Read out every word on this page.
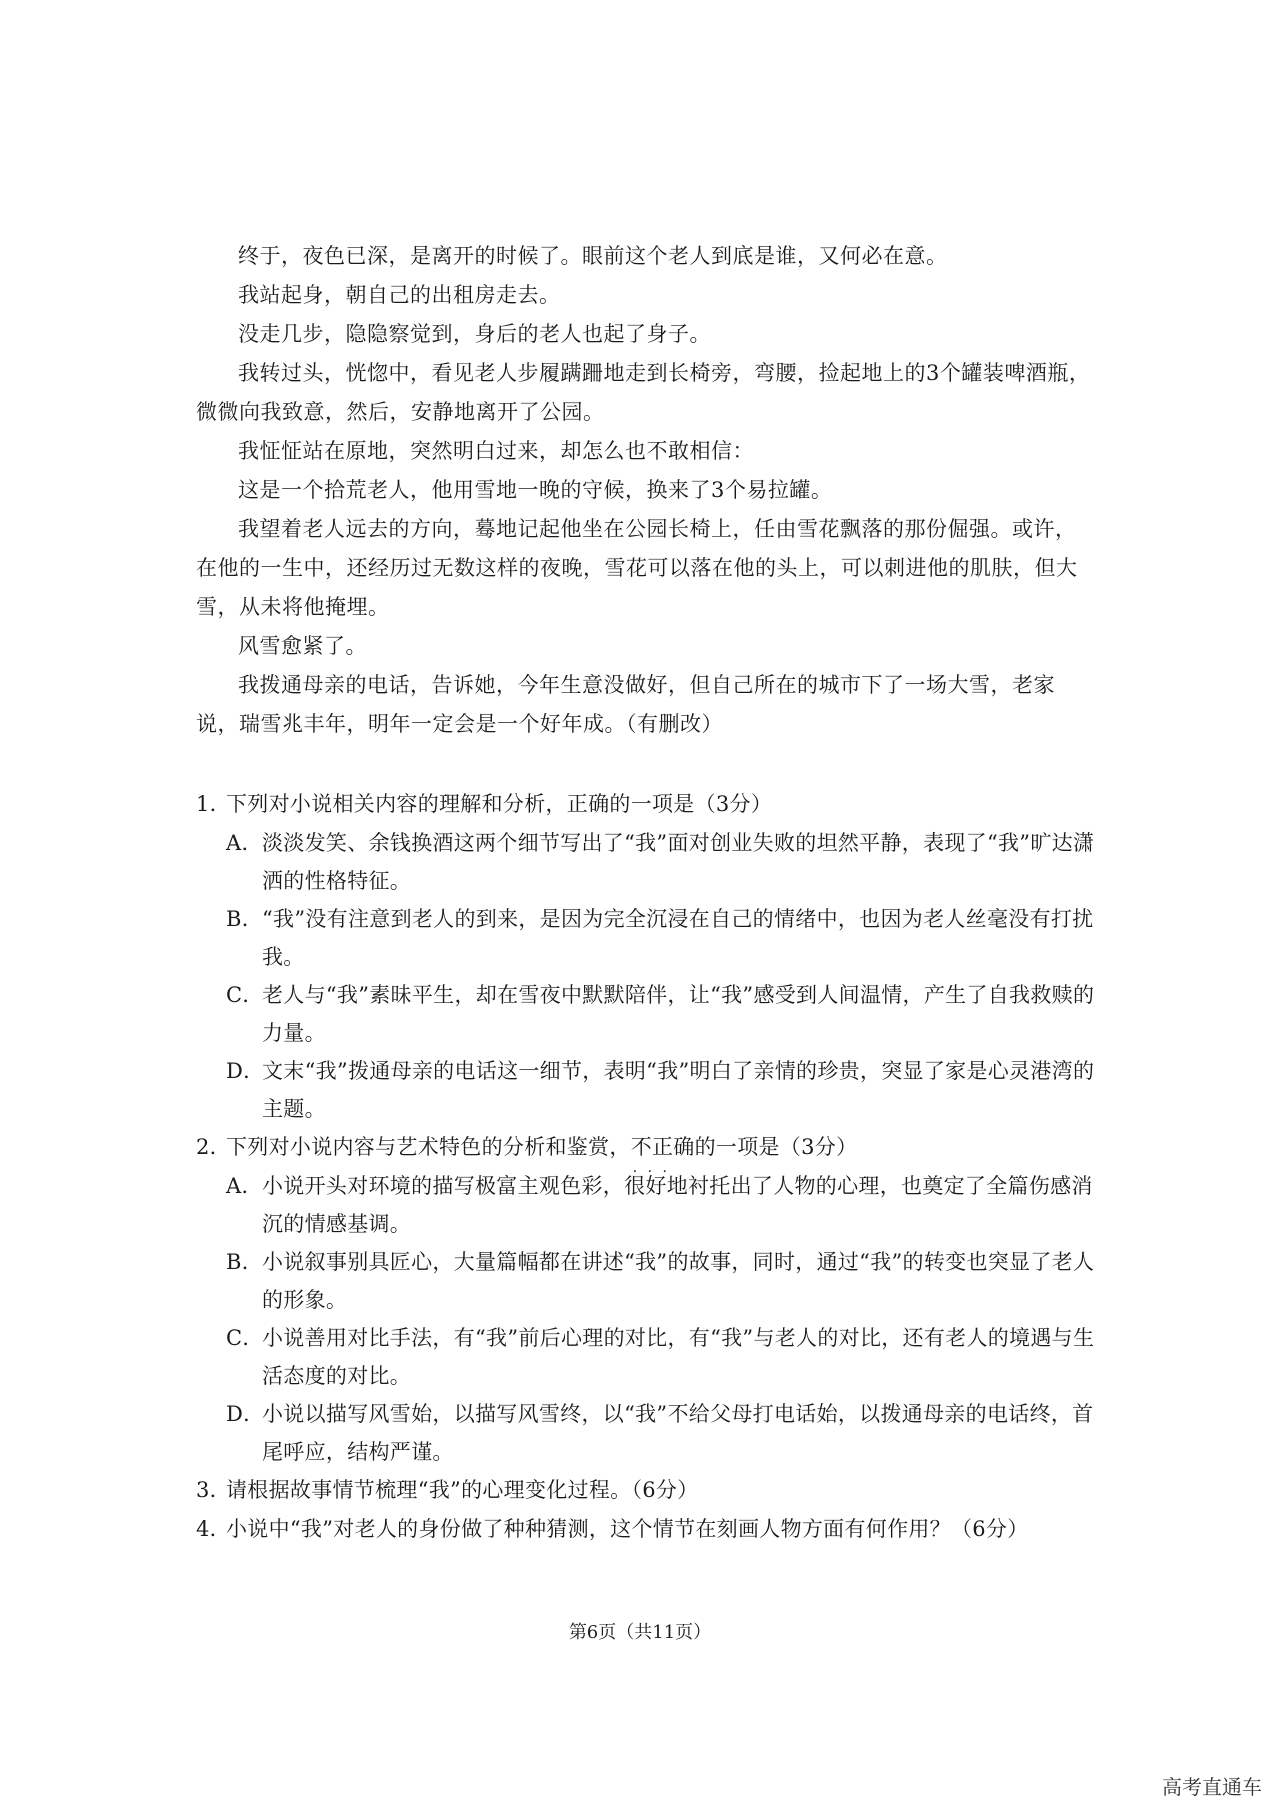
终于，夜色已深，是离开的时候了。眼前这个老人到底是谁，又何必在意。

我站起身，朝自己的出租房走去。

没走几步，隐隐察觉到，身后的老人也起了身子。

我转过头，恍惚中，看见老人步履蹒跚地走到长椅旁，弯腰，捡起地上的3个罐装啤酒瓶，微微向我致意，然后，安静地离开了公园。

我怔怔站在原地，突然明白过来，却怎么也不敢相信：

这是一个拾荒老人，他用雪地一晚的守候，换来了3个易拉罐。

我望着老人远去的方向，蓦地记起他坐在公园长椅上，任由雪花飘落的那份倔强。或许，在他的一生中，还经历过无数这样的夜晚，雪花可以落在他的头上，可以刺进他的肌肤，但大雪，从未将他掩埋。

风雪愈紧了。

我拨通母亲的电话，告诉她，今年生意没做好，但自己所在的城市下了一场大雪，老家说，瑞雪兆丰年，明年一定会是一个好年成。（有删改）

1．下列对小说相关内容的理解和分析，正确的一项是（3分）

A．淡淡发笑、余钱换酒这两个细节写出了“我”面对创业失败的坦然平静，表现了“我”旷达潇洒的性格特征。

B．“我”没有注意到老人的到来，是因为完全沉浸在自己的情绪中，也因为老人丝毫没有打扰我。

C．老人与“我”素昧平生，却在雪夜中默默陪伴，让“我”感受到人间温情，产生了自我救赎的力量。

D．文末“我”拨通母亲的电话这一细节，表明“我”明白了亲情的珍贵，突显了家是心灵港湾的主题。

2．下列对小说内容与艺术特色的分析和鉴赏，不正确 · · ·的一项是（3分）

A．小说开头对环境的描写极富主观色彩，很好地衬托出了人物的心理，也奠定了全篇伤感消沉的情感基调。

B．小说叙事别具匠心，大量篇幅都在讲述“我”的故事，同时，通过“我”的转变也突显了老人的形象。

C．小说善用对比手法，有“我”前后心理的对比，有“我”与老人的对比，还有老人的境遇与生活态度的对比。

D．小说以描写风雪始，以描写风雪终，以“我”不给父母打电话始，以拨通母亲的电话终，首尾呼应，结构严谨。

3．请根据故事情节梳理“我”的心理变化过程。（6分）

4．小说中“我”对老人的身份做了种种猜测，这个情节在刻画人物方面有何作用？（6分）

第6页（共11页）
高考直通车
